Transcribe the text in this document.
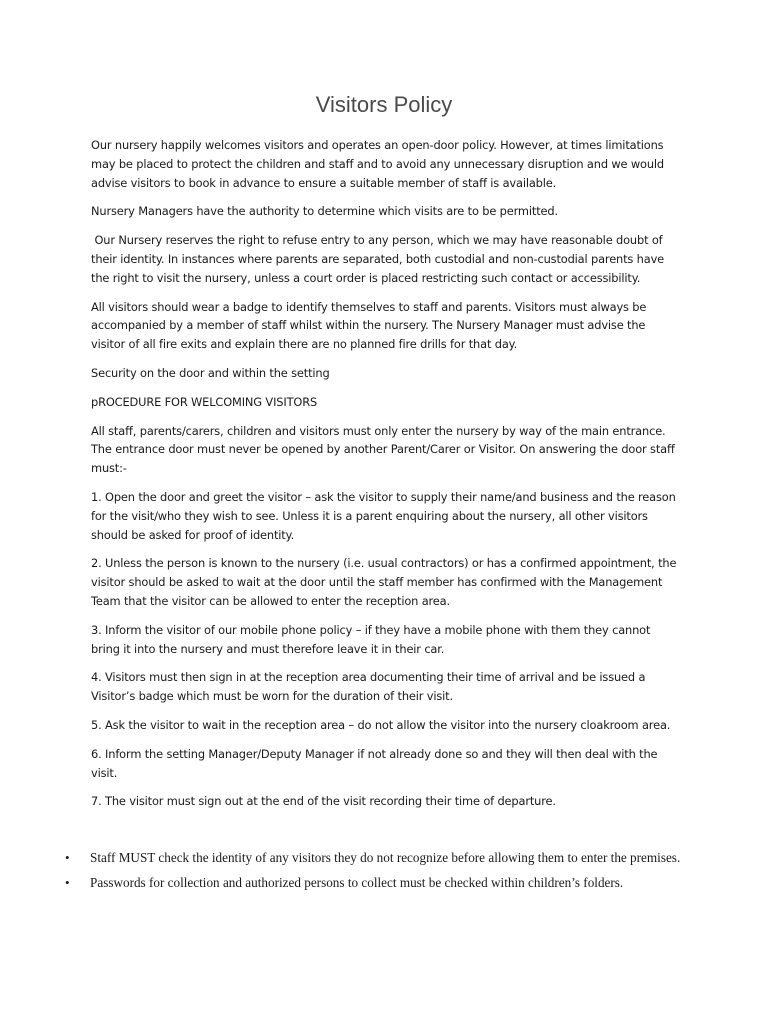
Visitors Policy

Our nursery happily welcomes visitors and operates an open-door policy. However, at times limitations may be placed to protect the children and staff and to avoid any unnecessary disruption and we would advise visitors to book in advance to ensure a suitable member of staff is available.

Nursery Managers have the authority to determine which visits are to be permitted.

Our Nursery reserves the right to refuse entry to any person, which we may have reasonable doubt of their identity. In instances where parents are separated, both custodial and non-custodial parents have the right to visit the nursery, unless a court order is placed restricting such contact or accessibility.

All visitors should wear a badge to identify themselves to staff and parents. Visitors must always be accompanied by a member of staff whilst within the nursery. The Nursery Manager must advise the visitor of all fire exits and explain there are no planned fire drills for that day.

Security on the door and within the setting

pROCEDURE FOR WELCOMING VISITORS

All staff, parents/carers, children and visitors must only enter the nursery by way of the main entrance. The entrance door must never be opened by another Parent/Carer or Visitor. On answering the door staff must:-

1. Open the door and greet the visitor – ask the visitor to supply their name/and business and the reason for the visit/who they wish to see. Unless it is a parent enquiring about the nursery, all other visitors should be asked for proof of identity.

2. Unless the person is known to the nursery (i.e. usual contractors) or has a confirmed appointment, the visitor should be asked to wait at the door until the staff member has confirmed with the Management Team that the visitor can be allowed to enter the reception area.

3. Inform the visitor of our mobile phone policy – if they have a mobile phone with them they cannot bring it into the nursery and must therefore leave it in their car.

4. Visitors must then sign in at the reception area documenting their time of arrival and be issued a Visitor’s badge which must be worn for the duration of their visit.

5. Ask the visitor to wait in the reception area – do not allow the visitor into the nursery cloakroom area.

6. Inform the setting Manager/Deputy Manager if not already done so and they will then deal with the visit.

7. The visitor must sign out at the end of the visit recording their time of departure.

• Staff MUST check the identity of any visitors they do not recognize before allowing them to enter the premises.
• Passwords for collection and authorized persons to collect must be checked within children’s folders.
